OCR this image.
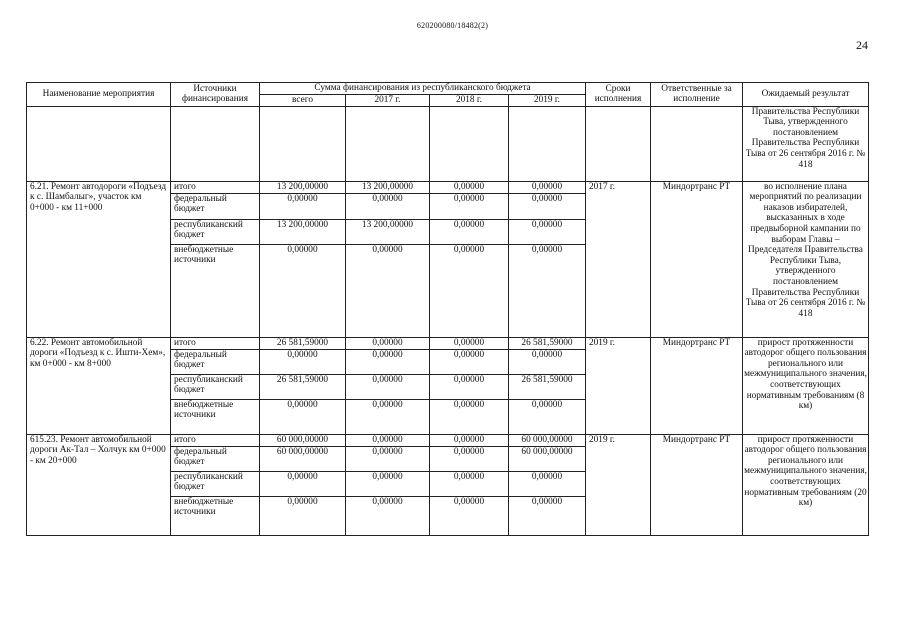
620200080/18482(2)
24
Наименование мероприятия	Источники финансирования	Сумма финансирования из республиканского бюджета				Сроки исполнения	Ответственные за исполнение	Ожидаемый результат
		всего	2017 г.	2018 г.	2019 г.			
								Правительства Республики Тыва, утвержденного постановлением Правительства Республики Тыва от 26 сентября 2016 г. № 418
6.21. Ремонт автодороги «Подъезд к с. Шамбалыг», участок км 0+000 - км 11+000	итого	13 200,00000	13 200,00000	0,00000	0,00000	2017 г.	Миндортранс РТ	во исполнение плана мероприятий по реализации наказов избирателей, высказанных в ходе предвыборной кампании по выборам Главы – Председателя Правительства Республики Тыва, утвержденного постановлением Правительства Республики Тыва от 26 сентября 2016 г. № 418
	федеральный бюджет	0,00000	0,00000	0,00000	0,00000			
	республиканский бюджет	13 200,00000	13 200,00000	0,00000	0,00000			
	внебюджетные источники	0,00000	0,00000	0,00000	0,00000			
6.22. Ремонт автомобильной дороги «Подъезд к с. Ишти-Хем», км 0+000 - км 8+000	итого	26 581,59000	0,00000	0,00000	26 581,59000	2019 г.	Миндортранс РТ	прирост протяженности автодорог общего пользования регионального или межмуниципального значения, соответствующих нормативным требованиям (8 км)
	федеральный бюджет	0,00000	0,00000	0,00000	0,00000			
	республиканский бюджет	26 581,59000	0,00000	0,00000	26 581,59000			
	внебюджетные источники	0,00000	0,00000	0,00000	0,00000			
615.23. Ремонт автомобильной дороги Ак-Тал – Холчук км 0+000 - км 20+000	итого	60 000,00000	0,00000	0,00000	60 000,00000	2019 г.	Миндортранс РТ	прирост протяженности автодорог общего пользования регионального или межмуниципального значения, соответствующих нормативным требованиям (20 км)
	федеральный бюджет	60 000,00000	0,00000	0,00000	60 000,00000			
	республиканский бюджет	0,00000	0,00000	0,00000	0,00000			
	внебюджетные источники	0,00000	0,00000	0,00000	0,00000			
